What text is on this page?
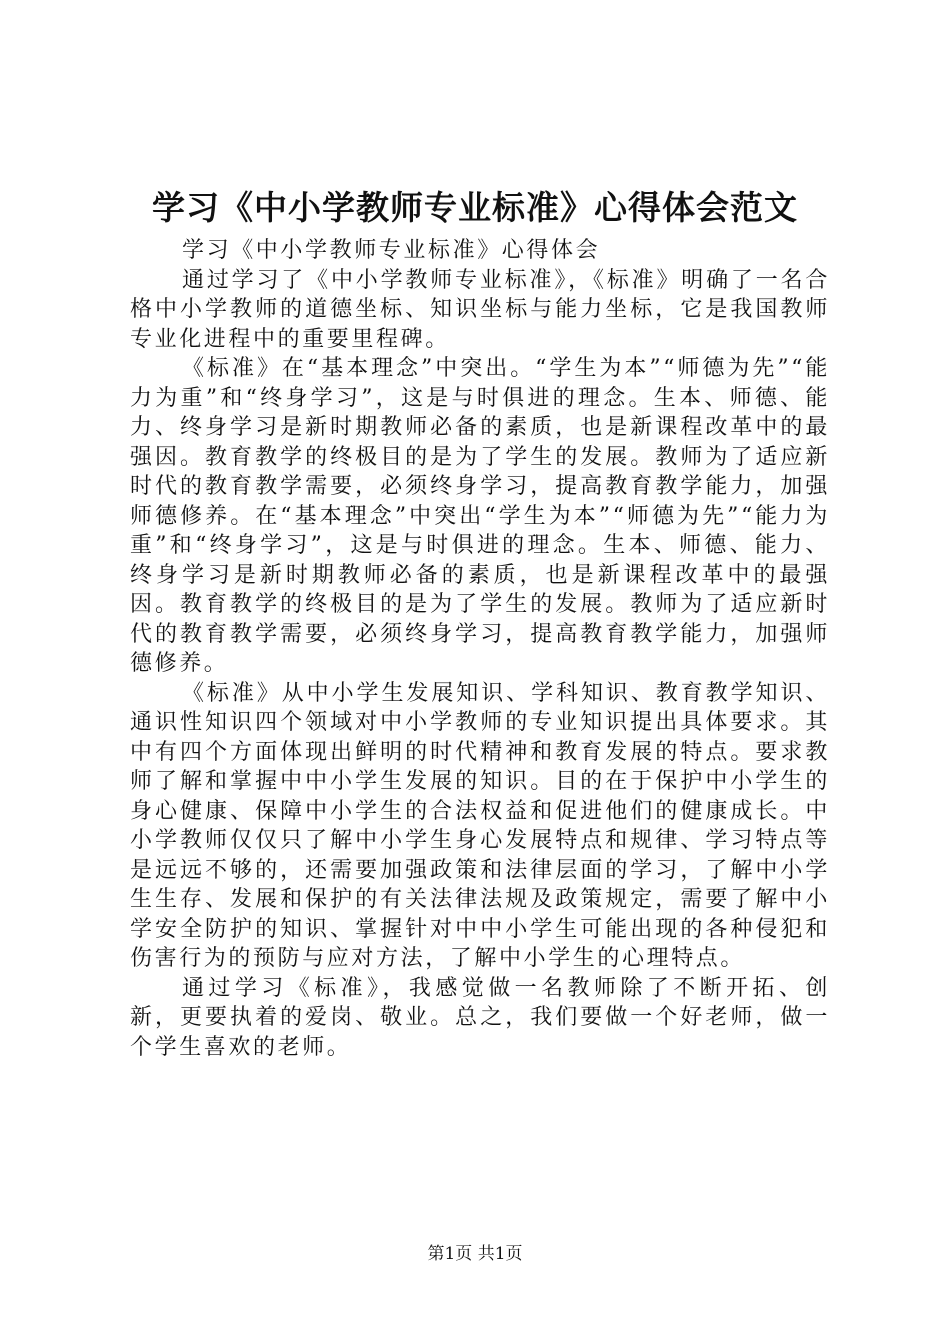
学习《中小学教师专业标准》心得体会范文

学习《中小学教师专业标准》心得体会

通过学习了《中小学教师专业标准》，《标准》明确了一名合格中小学教师的道德坐标、知识坐标与能力坐标，它是我国教师专业化进程中的重要里程碑。

《标准》在“基本理念”中突出。“学生为本”“师德为先”“能力为重”和“终身学习”，这是与时俱进的理念。生本、师德、能力、终身学习是新时期教师必备的素质，也是新课程改革中的最强因。教育教学的终极目的是为了学生的发展。教师为了适应新时代的教育教学需要，必须终身学习，提高教育教学能力，加强师德修养。在“基本理念”中突出“学生为本”“师德为先”“能力为重”和“终身学习”，这是与时俱进的理念。生本、师德、能力、终身学习是新时期教师必备的素质，也是新课程改革中的最强因。教育教学的终极目的是为了学生的发展。教师为了适应新时代的教育教学需要，必须终身学习，提高教育教学能力，加强师德修养。

《标准》从中小学生发展知识、学科知识、教育教学知识、通识性知识四个领域对中小学教师的专业知识提出具体要求。其中有四个方面体现出鲜明的时代精神和教育发展的特点。要求教师了解和掌握中中小学生发展的知识。目的在于保护中小学生的身心健康、保障中小学生的合法权益和促进他们的健康成长。中小学教师仅仅只了解中小学生身心发展特点和规律、学习特点等是远远不够的，还需要加强政策和法律层面的学习，了解中小学生生存、发展和保护的有关法律法规及政策规定，需要了解中小学安全防护的知识、掌握针对中中小学生可能出现的各种侵犯和伤害行为的预防与应对方法，了解中小学生的心理特点。

通过学习《标准》，我感觉做一名教师除了不断开拓、创新，更要执着的爱岗、敬业。总之，我们要做一个好老师，做一个学生喜欢的老师。

第1页 共1页
